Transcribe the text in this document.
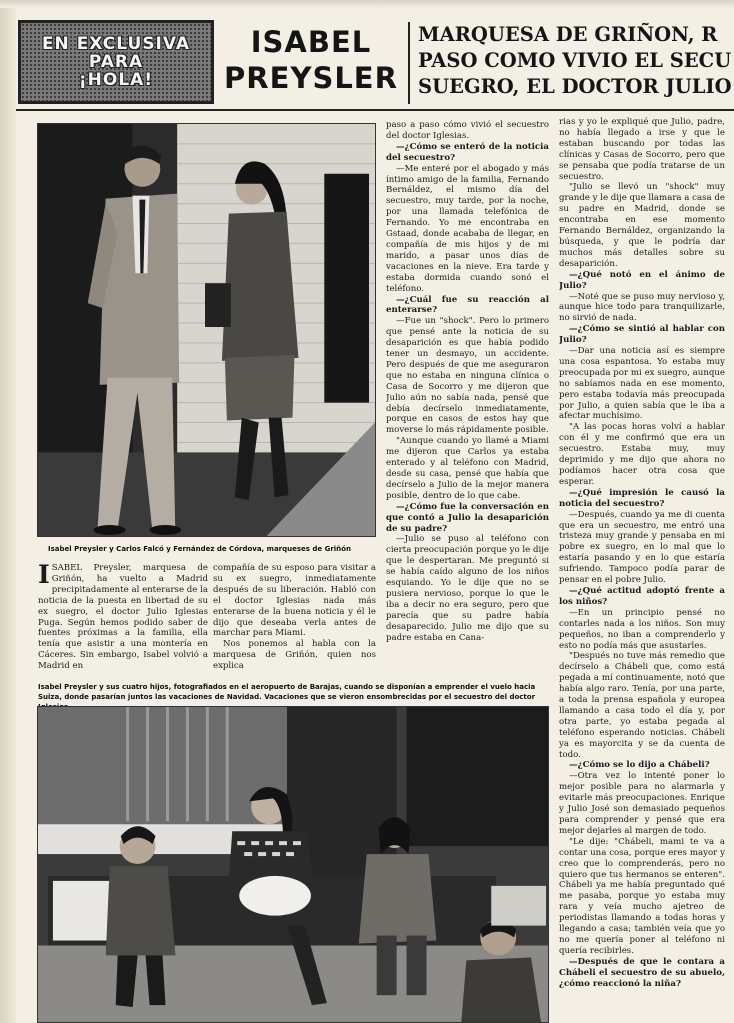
EN EXCLUSIVA
PARA
¡HOLA!
ISABEL
PREYSLER
MARQUESA DE GRIÑON, R
PASO COMO VIVIO EL SECU
SUEGRO, EL DOCTOR JULIO
Isabel Preysler y Carlos Falcó y Fernández de Córdova, marqueses de Griñón

ISABEL Preysler, marquesa de Griñón, ha vuelto a Madrid precipitadamente al enterarse de la noticia de la puesta en libertad de su ex suegro, el doctor Julio Iglesias Puga. Según hemos podido saber de fuentes próximas a la familia, ella tenía que asistir a una montería en Cáceres. Sin embargo, Isabel volvió a Madrid en

compañía de su esposo para visitar a su ex suegro, inmediatamente después de su liberación. Habló con el doctor Iglesias nada más enterarse de la buena noticia y él le dijo que deseaba verla antes de marchar para Miami.

Nos ponemos al habla con la marquesa de Griñón, quien nos explica

paso a paso cómo vivió el secuestro del doctor Iglesias.

—¿Cómo se enteró de la noticia del secuestro?

—Me enteré por el abogado y más íntimo amigo de la familia, Fernando Bernáldez, el mismo día del secuestro, muy tarde, por la noche, por una llamada telefónica de Fernando. Yo me encontraba en Gstaad, donde acababa de llegar, en compañía de mis hijos y de mi marido, a pasar unos días de vacaciones en la nieve. Era tarde y estaba dormida cuando sonó el teléfono.

—¿Cuál fue su reacción al enterarse?

—Fue un "shock". Pero lo primero que pensé ante la noticia de su desaparición es que había podido tener un desmayo, un accidente. Pero después de que me aseguraron que no estaba en ninguna clínica o Casa de Socorro y me dijeron que Julio aún no sabía nada, pensé que debía decírselo inmediatamente, porque en casos de estos hay que moverse lo más rápidamente posible.

"Aunque cuando yo llamé a Miami me dijeron que Carlos ya estaba enterado y al teléfono con Madrid, desde su casa, pensé que había que decírselo a Julio de la mejor manera posible, dentro de lo que cabe.

—¿Cómo fue la conversación en que contó a Julio la desaparición de su padre?

—Julio se puso al teléfono con cierta preocupación porque yo le dije que le despertaran. Me preguntó si se había caído alguno de los niños esquiando. Yo le dije que no se pusiera nervioso, porque lo que le iba a decir no era seguro, pero que parecía que su padre había desaparecido. Julio me dijo que su padre estaba en Cana-

rias y yo le expliqué que Julio, padre, no había llegado a irse y que le estaban buscando por todas las clínicas y Casas de Socorro, pero que se pensaba que podía tratarse de un secuestro.

"Julio se llevó un "shock" muy grande y le dije que llamara a casa de su padre en Madrid, donde se encontraba en ese momento Fernando Bernáldez, organizando la búsqueda, y que le podría dar muchos más detalles sobre su desaparición.

—¿Qué notó en el ánimo de Julio?

—Noté que se puso muy nervioso y, aunque hice todo para tranquilizarle, no sirvió de nada.

—¿Cómo se sintió al hablar con Julio?

—Dar una noticia así es siempre una cosa espantosa. Yo estaba muy preocupada por mi ex suegro, aunque no sabíamos nada en ese momento, pero estaba todavía más preocupada por Julio, a quien sabía que le iba a afectar muchísimo.

"A las pocas horas volví a hablar con él y me confirmó que era un secuestro. Estaba muy, muy deprimido y me dijo que ahora no podíamos hacer otra cosa que esperar.

—¿Qué impresión le causó la noticia del secuestro?

—Después, cuando ya me di cuenta que era un secuestro, me entró una tristeza muy grande y pensaba en mi pobre ex suegro, en lo mal que lo estaría pasando y en lo que estaría sufriendo. Tampoco podía parar de pensar en el pobre Julio.

—¿Qué actitud adoptó frente a los niños?

—En un principio pensé no contarles nada a los niños. Son muy pequeños, no iban a comprenderlo y esto no podía más que asustarles.

"Después no tuve más remedio que decírselo a Chábeli que, como está pegada a mí continuamente, notó que había algo raro. Tenía, por una parte, a toda la prensa española y europea llamando a casa todo el día y, por otra parte, yo estaba pegada al teléfono esperando noticias. Chábeli ya es mayorcita y se da cuenta de todo.

—¿Cómo se lo dijo a Chábeli?

—Otra vez lo intenté poner lo mejor posible para no alarmarla y evitarle más preocupaciones. Enrique y Julio José son demasiado pequeños para comprender y pensé que era mejor dejarles al margen de todo.

"Le dije: "Chábeli, mami te va a contar una cosa, porque eres mayor y creo que lo comprenderás, pero no quiero que tus hermanos se enteren". Chábeli ya me había preguntado qué me pasaba, porque yo estaba muy rara y veía mucho ajetreo de periodistas llamando a todas horas y llegando a casa; también veía que yo no me quería poner al teléfono ni quería recibirles.

—Después de que le contara a Chábeli el secuestro de su abuelo, ¿cómo reaccionó la niña?

Isabel Preysler y sus cuatro hijos, fotografiados en el aeropuerto de Barajas, cuando se disponían a emprender el vuelo hacia Suiza, donde pasarían juntos las vacaciones de Navidad. Vacaciones que se vieron ensombrecidas por el secuestro del doctor
